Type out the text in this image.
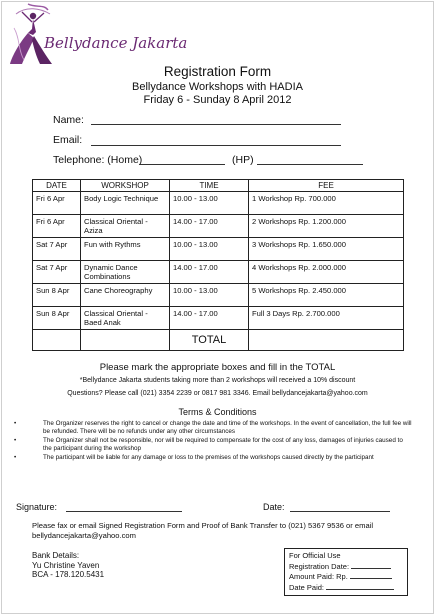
Bellydance Jakarta
Registration Form
Bellydance Workshops with HADIA
Friday 6 - Sunday 8 April 2012
Name:
Email:
Telephone: (Home)	(HP)
DATE	WORKSHOP	TIME	FEE
Fri 6 Apr	Body Logic Technique	10.00 - 13.00	1 Workshop Rp. 700.000
Fri 6 Apr	Classical Oriental - Aziza	14.00 - 17.00	2 Workshops Rp. 1.200.000
Sat 7 Apr	Fun with Rythms	10.00 - 13.00	3 Workshops Rp. 1.650.000
Sat 7 Apr	Dynamic Dance Combinations	14.00 - 17.00	4 Workshops Rp. 2.000.000
Sun 8 Apr	Cane Choreography	10.00 - 13.00	5 Workshops Rp. 2.450.000
Sun 8 Apr	Classical Oriental - Baed Anak	14.00 - 17.00	Full 3 Days Rp. 2.700.000
		TOTAL	
Please mark the appropriate boxes and fill in the TOTAL
*Bellydance Jakarta students taking more than 2 workshops will received a 10% discount
Questions? Please call (021) 3354 2239 or 0817 981 3346. Email bellydancejakarta@yahoo.com
Terms & Conditions
•	The Organizer reserves the right to cancel or change the date and time of the workshops. In the event of cancellation, the full fee will be refunded. There will be no refunds under any other circumstances
•	The Organizer shall not be responsible, nor will be required to compensate for the cost of any loss, damages of injuries caused to the participant during the workshop
•	The participant will be liable for any damage or loss to the premises of the workshops caused directly by the participant
Signature:	Date:
Please fax or email Signed Registration Form and Proof of Bank Transfer to (021) 5367 9536 or email bellydancejakarta@yahoo.com
Bank Details:
Yu Christine Yaven
BCA - 178.120.5431
For Official Use
Registration Date:
Amount Paid: Rp.
Date Paid:
